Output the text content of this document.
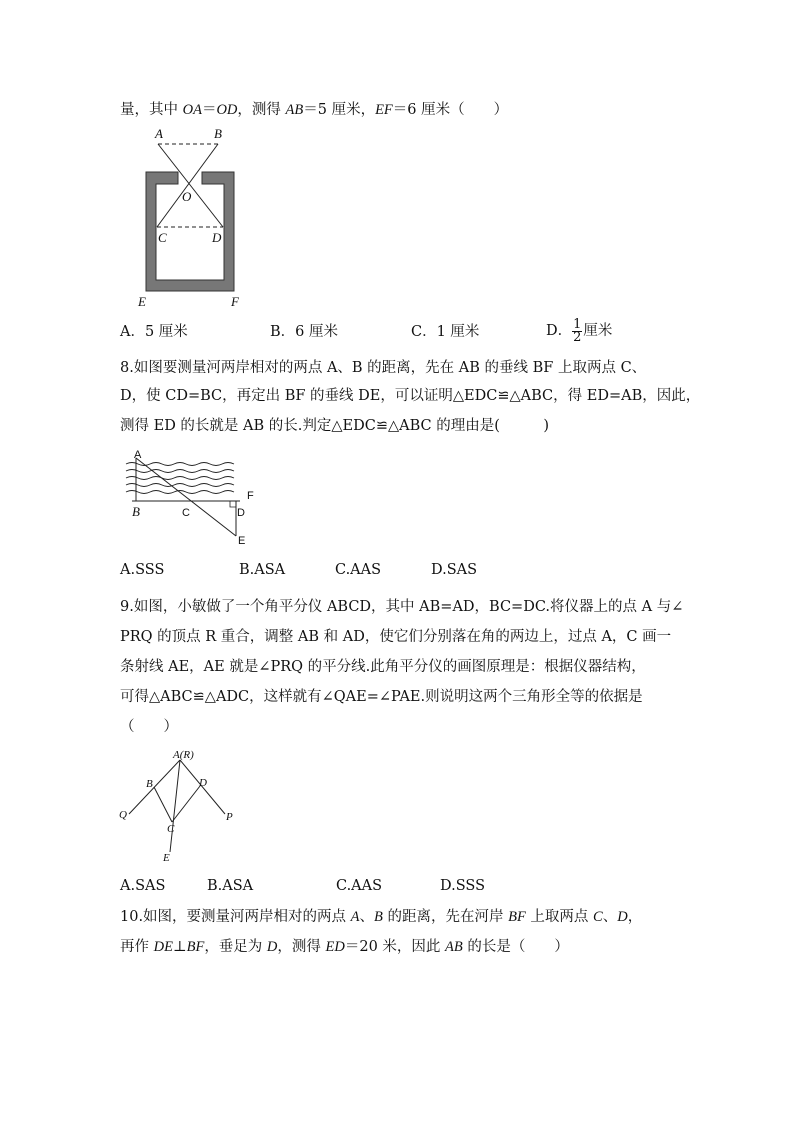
量，其中 OA＝OD，测得 AB＝5 厘米，EF＝6 厘米（　　）
A	B
O
C	D
E	F
A．5 厘米	B．6 厘米	C．1 厘米	D． $\frac{1}{2}$ 厘米
8.如图要测量河两岸相对的两点 A、B 的距离，先在 AB 的垂线 BF 上取两点 C、
D，使 CD=BC，再定出 BF 的垂线 DE，可以证明△EDC≌△ABC，得 ED=AB，因此，
测得 ED 的长就是 AB 的长.判定△EDC≌△ABC 的理由是(　　　)
A
B	C	D
F
E
A.SSS	B.ASA	C.AAS	D.SAS
9.如图，小敏做了一个角平分仪 ABCD，其中 AB=AD，BC=DC.将仪器上的点 A 与∠
PRQ 的顶点 R 重合，调整 AB 和 AD，使它们分别落在角的两边上，过点 A，C 画一
条射线 AE，AE 就是∠PRQ 的平分线.此角平分仪的画图原理是：根据仪器结构，
可得△ABC≌△ADC，这样就有∠QAE=∠PAE.则说明这两个三角形全等的依据是
（　　）
A(R)
B	D
C
E
Q	P
A.SAS	B.ASA	C.AAS	D.SSS
10.如图，要测量河两岸相对的两点 A、B 的距离，先在河岸 BF 上取两点 C、D，
再作 DE⊥BF，垂足为 D，测得 ED＝20 米，因此 AB 的长是（　　）
